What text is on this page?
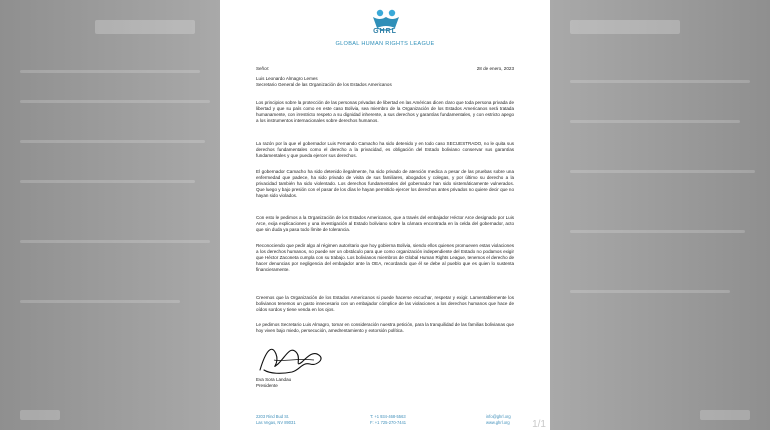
GHRL
GLOBAL HUMAN RIGHTS LEAGUE
Señor:	28 de enero, 2023
Luis Leonardo Almagro Lemes
Secretario General de las Organización de los Estados Americanos
Los principios sobre la protección de las personas privadas de libertad en las Américas dicen claro que toda persona privada de libertad y que su país como en este caso Bolivia, sea miembro de la Organización de los Estados Americanos será tratada humanamente, con irrestricto respeto a su dignidad inherente, a sus derechos y garantías fundamentales, y con estricto apego a los instrumentos internacionales sobre derechos humanos.
La razón por la que el gobernador Luis Fernando Camacho ha sido detenido y en todo caso SECUESTRADO, no le quita sus derechos fundamentales como el derecho a la privacidad, es obligación del Estado boliviano conservar sus garantías fundamentales y que pueda ejercer sus derechos.
El gobernador Camacho ha sido detenido ilegalmente, ha sido privado de atención medica a pesar de las pruebas sobre una enfermedad que padece, ha sido privado de visita de sus familiares, abogados y colegas, y por último su derecho a la privacidad también ha sido violentado. Los derechos fundamentales del gobernador han sido sistemáticamente vulnerados. Que luego y bajo presión con el pasar de los días le hayan permitido ejercer los derechos antes privados no quiere decir que no hayan sido violados.
Con esto le pedimos a la Organización de los Estados Americanos, que a través del embajador Héctor Arce designado por Luis Arce, exija explicaciones y una investigación al Estado boliviano sobre la cámara encontrada en la celda del gobernador, acto que sin duda ya pasa todo límite de tolerancia.
Reconociendo que pedir algo al régimen autoritario que hoy gobierna Bolivia, siendo ellos quienes promueven estas violaciones a los derechos humanos, no puede ser un obstáculo para que como organización independiente del Estado no podamos exigir que Héctor Zaconeta cumpla con su trabajo. Los bolivianos miembros de Global Human Rights League, tenemos el derecho de hacer denuncias por negligencia del embajador ante la OEA, recordando que él se debe al pueblo que es quien lo sustenta financieramente.
Creemos que la Organización de los Estados Americanos si puede hacerse escuchar, respetar y exigir. Lamentablemente los bolivianos tenemos un gasto innecesario con un embajador cómplice de las violaciones a los derechos humanos que hace de oídos sordos y tiene venda en los ojos.
Le pedimos Secretario Luis Almagro, tomar en consideración nuestra petición, para la tranquilidad de las familias bolivianas que hoy viven bajo miedo, persecución, amedrentamiento y extorsión política.
Eva Sora Landau
Presidente
2203 Rind Bud St.
Las Vegas, NV 89031
T: +1 934-468-5563
F: +1 725-270-7441
info@ghrl.org
www.ghrl.org 1/1
